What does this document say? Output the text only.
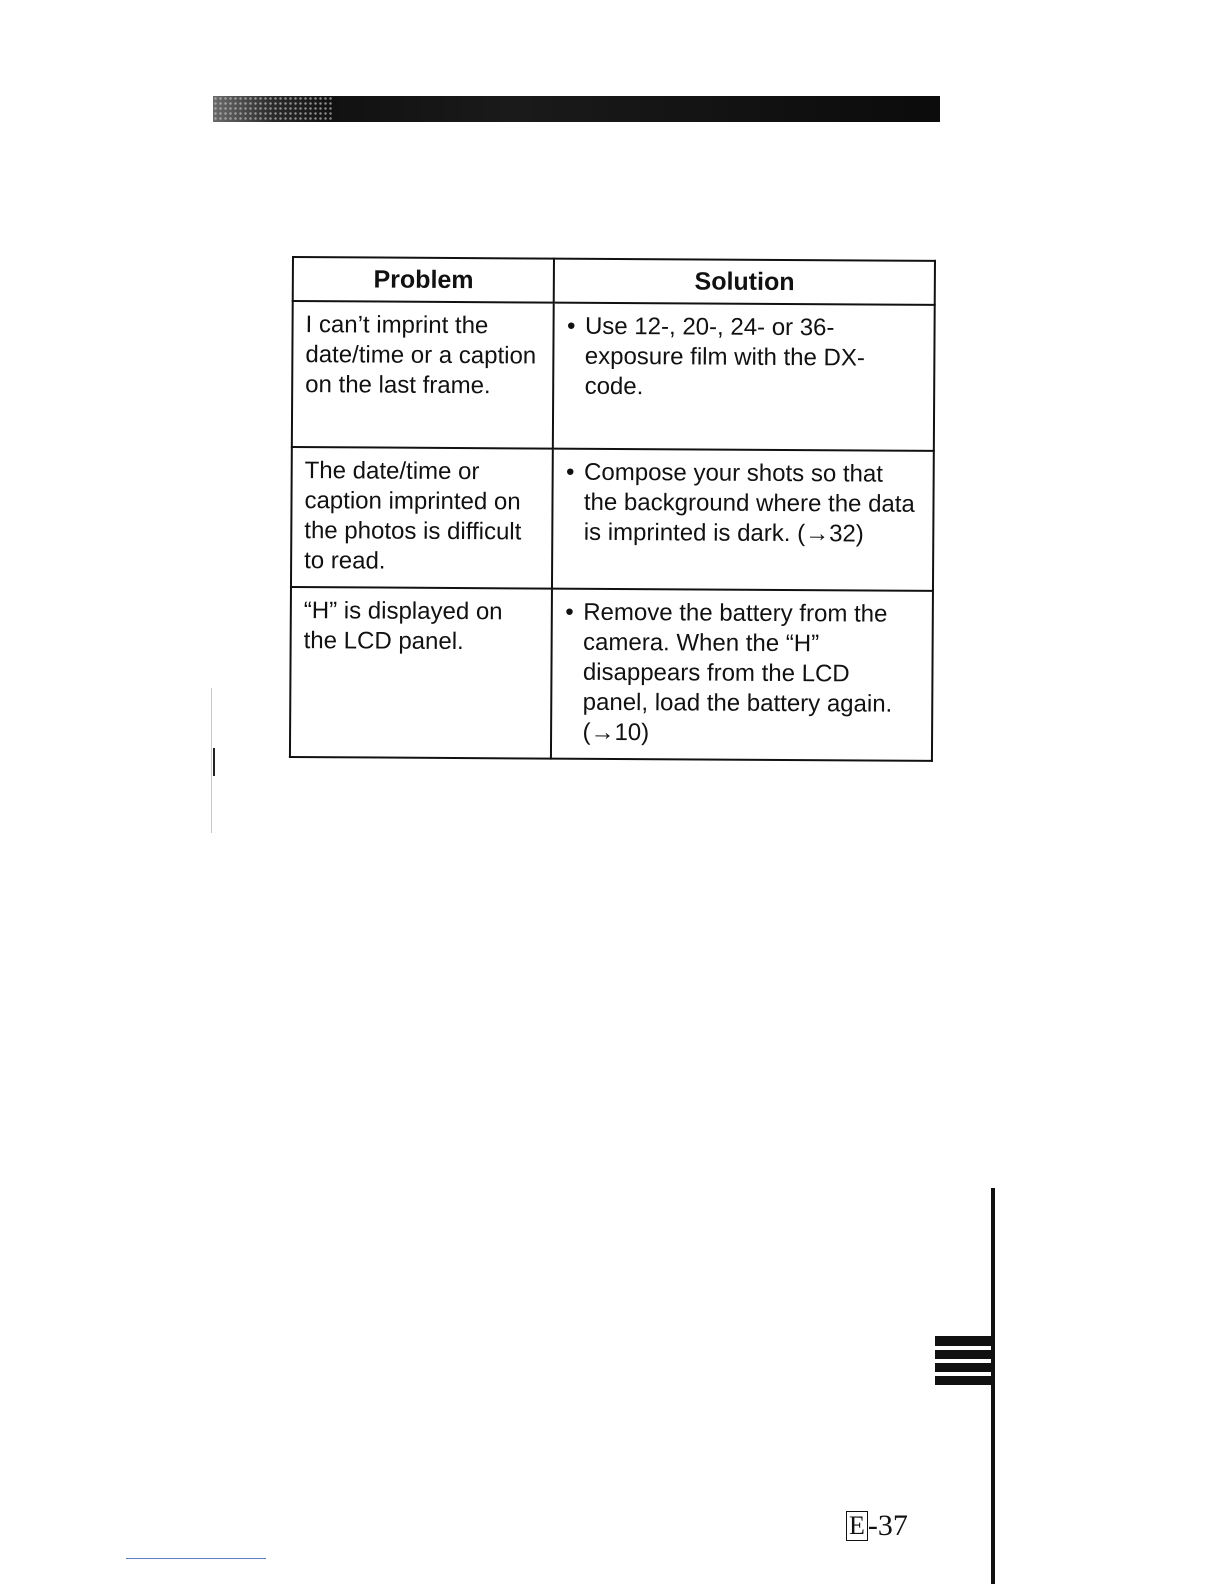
Problem	Solution
I can’t imprint the date/time or a caption on the last frame.	• Use 12-, 20-, 24- or 36-exposure film with the DX-code.

The date/time or caption imprinted on the photos is difficult to read.	• Compose your shots so that the background where the data is imprinted is dark. (→32)

“H” is displayed on the LCD panel.	• Remove the battery from the camera. When the “H” disappears from the LCD panel, load the battery again. (→10)
E -37
